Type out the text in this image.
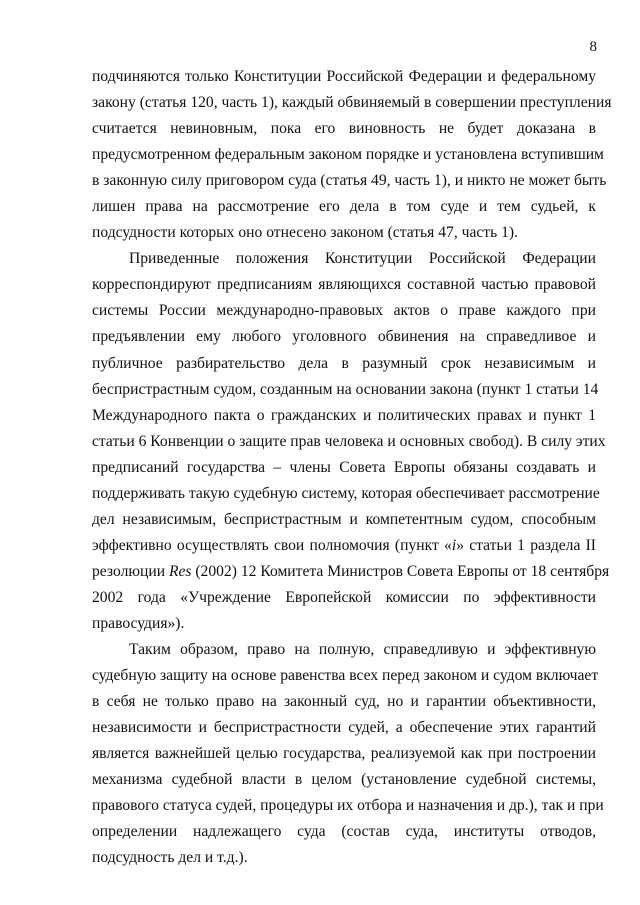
8
подчиняются только Конституции Российской Федерации и федеральному
закону (статья 120, часть 1), каждый обвиняемый в совершении преступления
считается невиновным, пока его виновность не будет доказана в
предусмотренном федеральным законом порядке и установлена вступившим
в законную силу приговором суда (статья 49, часть 1), и никто не может быть
лишен права на рассмотрение его дела в том суде и тем судьей, к
подсудности которых оно отнесено законом (статья 47, часть 1).
Приведенные положения Конституции Российской Федерации
корреспондируют предписаниям являющихся составной частью правовой
системы России международно-правовых актов о праве каждого при
предъявлении ему любого уголовного обвинения на справедливое и
публичное разбирательство дела в разумный срок независимым и
беспристрастным судом, созданным на основании закона (пункт 1 статьи 14
Международного пакта о гражданских и политических правах и пункт 1
статьи 6 Конвенции о защите прав человека и основных свобод). В силу этих
предписаний государства – члены Совета Европы обязаны создавать и
поддерживать такую судебную систему, которая обеспечивает рассмотрение
дел независимым, беспристрастным и компетентным судом, способным
эффективно осуществлять свои полномочия (пункт «i» статьи 1 раздела II
резолюции Res (2002) 12 Комитета Министров Совета Европы от 18 сентября
2002 года «Учреждение Европейской комиссии по эффективности
правосудия»).
Таким образом, право на полную, справедливую и эффективную
судебную защиту на основе равенства всех перед законом и судом включает
в себя не только право на законный суд, но и гарантии объективности,
независимости и беспристрастности судей, а обеспечение этих гарантий
является важнейшей целью государства, реализуемой как при построении
механизма судебной власти в целом (установление судебной системы,
правового статуса судей, процедуры их отбора и назначения и др.), так и при
определении надлежащего суда (состав суда, институты отводов,
подсудность дел и т.д.).
